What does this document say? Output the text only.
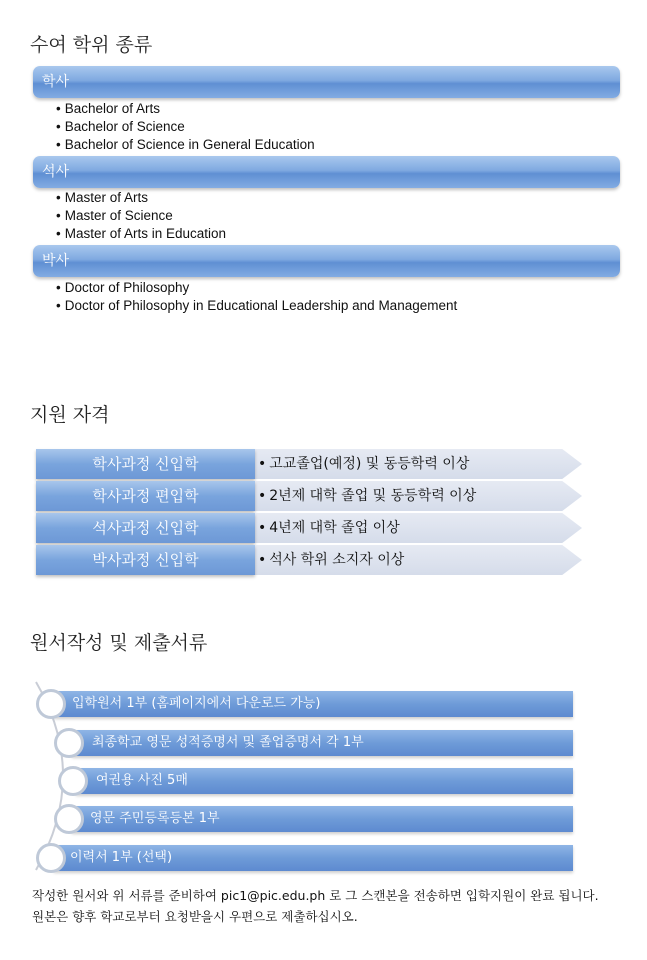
수여 학위 종류
학사
• Bachelor of Arts
• Bachelor of Science
• Bachelor of Science in General Education
석사
• Master of Arts
• Master of Science
• Master of Arts in Education
박사
• Doctor of Philosophy
• Doctor of Philosophy in Educational Leadership and Management
지원 자격
학사과정 신입학	• 고교졸업(예정) 및 동등학력 이상
학사과정 편입학	• 2년제 대학 졸업 및 동등학력 이상
석사과정 신입학	• 4년제 대학 졸업 이상
박사과정 신입학	• 석사 학위 소지자 이상
원서작성 및 제출서류
입학원서 1부 (홈페이지에서 다운로드 가능)
최종학교 영문 성적증명서 및 졸업증명서 각 1부
여권용 사진 5매
영문 주민등록등본 1부
이력서 1부 (선택)
작성한 원서와 위 서류를 준비하여 pic1@pic.edu.ph 로 그 스캔본을 전송하면 입학지원이 완료 됩니다.
원본은 향후 학교로부터 요청받을시 우편으로 제출하십시오.
